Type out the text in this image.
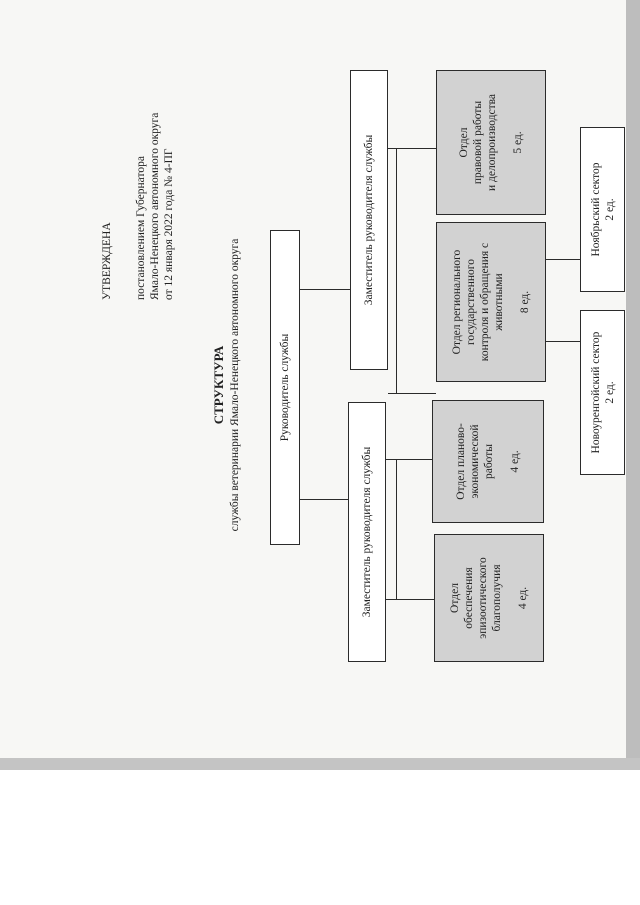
УТВЕРЖДЕНА постановлением Губернатора Ямало-Ненецкого автономного округа от 12 января 2022 года № 4-ПГ
СТРУКТУРА службы ветеринарии Ямало-Ненецкого автономного округа	Руководитель службы
Заместитель руководителя службы
Заместитель руководителя службы
Отдел
обеспечения
эпизоотического
благополучия 4 ед.
Отдел планово-
экономической
работы 4 ед.
Отдел регионального
государственного
контроля и обращения с
животными 8 ед.
Отдел
правовой работы
и делопроизводства 5 ед.
Новоуренгойский сектор 2 ед.
Ноябрьский сектор 2 ед.
